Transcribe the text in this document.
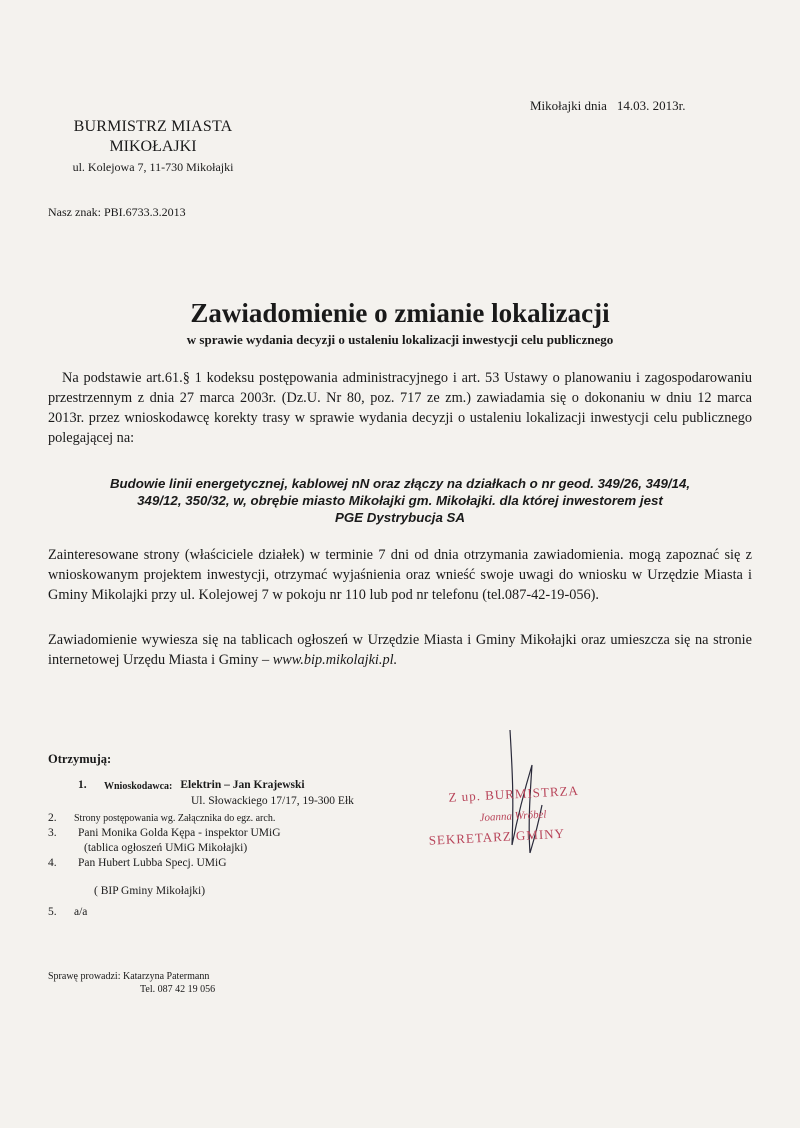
Mikołajki dnia 14.03. 2013r.
BURMISTRZ MIASTA
MIKOŁAJKI
ul. Kolejowa 7, 11-730 Mikołajki
Nasz znak: PBI.6733.3.2013
Zawiadomienie o zmianie lokalizacji
w sprawie wydania decyzji o ustaleniu lokalizacji inwestycji celu publicznego
Na podstawie art.61.§ 1 kodeksu postępowania administracyjnego i art. 53 Ustawy o planowaniu i zagospodarowaniu przestrzennym z dnia 27 marca 2003r. (Dz.U. Nr 80, poz. 717 ze zm.) zawiadamia się o dokonaniu w dniu 12 marca 2013r. przez wnioskodawcę korekty trasy w sprawie wydania decyzji o ustaleniu lokalizacji inwestycji celu publicznego polegającej na:
Budowie linii energetycznej, kablowej nN oraz złączy na działkach o nr geod. 349/26, 349/14,
349/12, 350/32, w, obrębie miasto Mikołajki gm. Mikołajki. dla której inwestorem jest
PGE Dystrybucja SA
Zainteresowane strony (właściciele działek) w terminie 7 dni od dnia otrzymania zawiadomienia. mogą zapoznać się z wnioskowanym projektem inwestycji, otrzymać wyjaśnienia oraz wnieść swoje uwagi do wniosku w Urzędzie Miasta i Gminy Mikolajki przy ul. Kolejowej 7 w pokoju nr 110 lub pod nr telefonu (tel.087-42-19-056).
Zawiadomienie wywiesza się na tablicach ogłoszeń w Urzędzie Miasta i Gminy Mikołajki oraz umieszcza się na stronie internetowej Urzędu Miasta i Gminy – www.bip.mikolajki.pl.
Otrzymują:
1.	Wnioskodawca: Elektrin – Jan Krajewski
Ul. Słowackiego 17/17, 19-300 Ełk
2.	Strony postępowania wg. Załącznika do egz. arch.
3.	Pani Monika Golda Kępa - inspektor UMiG
(tablica ogłoszeń UMiG Mikołajki)
4.	Pan Hubert Lubba Specj. UMiG
( BIP Gminy Mikołajki)
5.	a/a
Z up. BURMISTRZA
Joanna Wróbel
SEKRETARZ GMINY
Sprawę prowadzi: Katarzyna Patermann
Tel. 087 42 19 056
